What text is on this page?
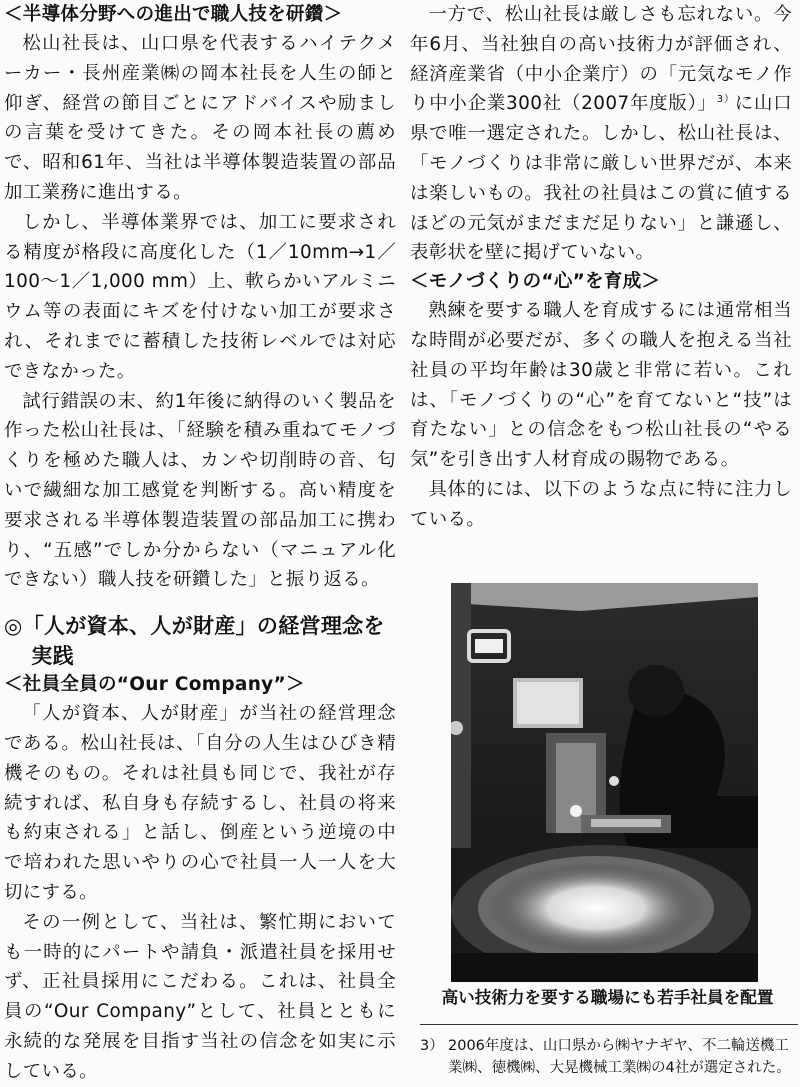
＜半導体分野への進出で職人技を研鑽＞

松山社長は、山口県を代表するハイテクメーカー・長州産業㈱の岡本社長を人生の師と仰ぎ、経営の節目ごとにアドバイスや励ましの言葉を受けてきた。その岡本社長の薦めで、昭和61年、当社は半導体製造装置の部品加工業務に進出する。

しかし、半導体業界では、加工に要求される精度が格段に高度化した（1／10mm→1／100～1／1,000 mm）上、軟らかいアルミニウム等の表面にキズを付けない加工が要求され、それまでに蓄積した技術レベルでは対応できなかった。

試行錯誤の末、約1年後に納得のいく製品を作った松山社長は、「経験を積み重ねてモノづくりを極めた職人は、カンや切削時の音、匂いで繊細な加工感覚を判断する。高い精度を要求される半導体製造装置の部品加工に携わり、“五感”でしか分からない（マニュアル化できない）職人技を研鑽した」と振り返る。

◎「人が資本、人が財産」の経営理念を実践
＜社員全員の“Our Company”＞

「人が資本、人が財産」が当社の経営理念である。松山社長は、「自分の人生はひびき精機そのもの。それは社員も同じで、我社が存続すれば、私自身も存続するし、社員の将来も約束される」と話し、倒産という逆境の中で培われた思いやりの心で社員一人一人を大切にする。

その一例として、当社は、繁忙期においても一時的にパートや請負・派遣社員を採用せず、正社員採用にこだわる。これは、社員全員の“Our Company”として、社員とともに永続的な発展を目指す当社の信念を如実に示している。

一方で、松山社長は厳しさも忘れない。今年6月、当社独自の高い技術力が評価され、経済産業省（中小企業庁）の「元気なモノ作り中小企業300社（2007年度版）」$^{3)}$に山口県で唯一選定された。しかし、松山社長は、「モノづくりは非常に厳しい世界だが、本来は楽しいもの。我社の社員はこの賞に値するほどの元気がまだまだ足りない」と謙遜し、表彰状を壁に掲げていない。

＜モノづくりの“心”を育成＞

熟練を要する職人を育成するには通常相当な時間が必要だが、多くの職人を抱える当社社員の平均年齢は30歳と非常に若い。これは、「モノづくりの“心”を育てないと“技”は育たない」との信念をもつ松山社長の“やる気”を引き出す人材育成の賜物である。

具体的には、以下のような点に特に注力している。

高い技術力を要する職場にも若手社員を配置
3） 2006年度は、山口県から㈱ヤナギヤ、不二輪送機工業㈱、徳機㈱、大晃機械工業㈱の4社が選定された。
